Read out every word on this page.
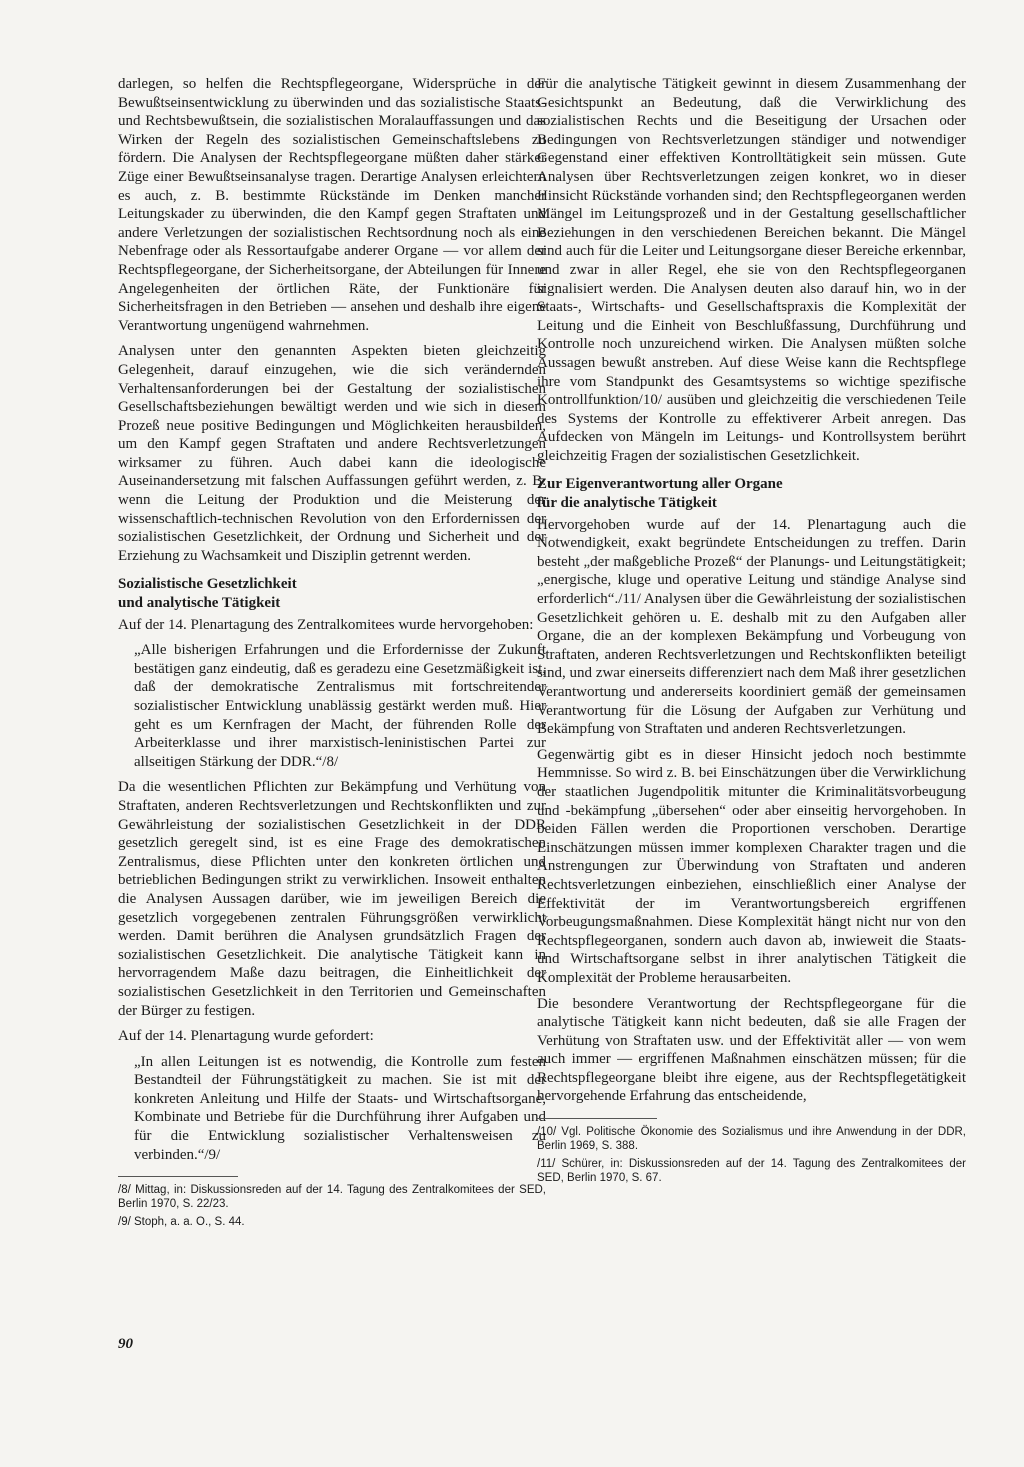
darlegen, so helfen die Rechtspflegeorgane, Widersprüche in der Bewußtseinsentwicklung zu überwinden und das sozialistische Staats- und Rechtsbewußtsein, die sozialistischen Moralauffassungen und das Wirken der Regeln des sozialistischen Gemeinschaftslebens zu fördern. Die Analysen der Rechtspflegeorgane müßten daher stärker Züge einer Bewußtseinsanalyse tragen. Derartige Analysen erleichtern es auch, z. B. bestimmte Rückstände im Denken mancher Leitungskader zu überwinden, die den Kampf gegen Straftaten und andere Verletzungen der sozialistischen Rechtsordnung noch als eine Nebenfrage oder als Ressortaufgabe anderer Organe — vor allem der Rechtspflegeorgane, der Sicherheitsorgane, der Abteilungen für Innere Angelegenheiten der örtlichen Räte, der Funktionäre für Sicherheitsfragen in den Betrieben — ansehen und deshalb ihre eigene Verantwortung ungenügend wahrnehmen.

Analysen unter den genannten Aspekten bieten gleichzeitig Gelegenheit, darauf einzugehen, wie die sich verändernden Verhaltensanforderungen bei der Gestaltung der sozialistischen Gesellschaftsbeziehungen bewältigt werden und wie sich in diesem Prozeß neue positive Bedingungen und Möglichkeiten herausbilden, um den Kampf gegen Straftaten und andere Rechtsverletzungen wirksamer zu führen. Auch dabei kann die ideologische Auseinandersetzung mit falschen Auffassungen geführt werden, z. B. wenn die Leitung der Produktion und die Meisterung der wissenschaftlich-technischen Revolution von den Erfordernissen der sozialistischen Gesetzlichkeit, der Ordnung und Sicherheit und der Erziehung zu Wachsamkeit und Disziplin getrennt werden.

Sozialistische Gesetzlichkeit
und analytische Tätigkeit

Auf der 14. Plenartagung des Zentralkomitees wurde hervorgehoben:

„Alle bisherigen Erfahrungen und die Erfordernisse der Zukunft bestätigen ganz eindeutig, daß es geradezu eine Gesetzmäßigkeit ist, daß der demokratische Zentralismus mit fortschreitender sozialistischer Entwicklung unablässig gestärkt werden muß. Hier geht es um Kernfragen der Macht, der führenden Rolle der Arbeiterklasse und ihrer marxistisch-leninistischen Partei zur allseitigen Stärkung der DDR.“/8/

Da die wesentlichen Pflichten zur Bekämpfung und Verhütung von Straftaten, anderen Rechtsverletzungen und Rechtskonflikten und zur Gewährleistung der sozialistischen Gesetzlichkeit in der DDR gesetzlich geregelt sind, ist es eine Frage des demokratischen Zentralismus, diese Pflichten unter den konkreten örtlichen und betrieblichen Bedingungen strikt zu verwirklichen. Insoweit enthalten die Analysen Aussagen darüber, wie im jeweiligen Bereich die gesetzlich vorgegebenen zentralen Führungsgrößen verwirklicht werden. Damit berühren die Analysen grundsätzlich Fragen der sozialistischen Gesetzlichkeit. Die analytische Tätigkeit kann in hervorragendem Maße dazu beitragen, die Einheitlichkeit der sozialistischen Gesetzlichkeit in den Territorien und Gemeinschaften der Bürger zu festigen.

Auf der 14. Plenartagung wurde gefordert:

„In allen Leitungen ist es notwendig, die Kontrolle zum festen Bestandteil der Führungstätigkeit zu machen. Sie ist mit der konkreten Anleitung und Hilfe der Staats- und Wirtschaftsorgane, Kombinate und Betriebe für die Durchführung ihrer Aufgaben und für die Entwicklung sozialistischer Verhaltensweisen zu verbinden.“/9/

/8/ Mittag, in: Diskussionsreden auf der 14. Tagung des Zentralkomitees der SED, Berlin 1970, S. 22/23.

/9/ Stoph, a. a. O., S. 44.

Für die analytische Tätigkeit gewinnt in diesem Zusammenhang der Gesichtspunkt an Bedeutung, daß die Verwirklichung des sozialistischen Rechts und die Beseitigung der Ursachen oder Bedingungen von Rechtsverletzungen ständiger und notwendiger Gegenstand einer effektiven Kontrolltätigkeit sein müssen. Gute Analysen über Rechtsverletzungen zeigen konkret, wo in dieser Hinsicht Rückstände vorhanden sind; den Rechtspflegeorganen werden Mängel im Leitungsprozeß und in der Gestaltung gesellschaftlicher Beziehungen in den verschiedenen Bereichen bekannt. Die Mängel sind auch für die Leiter und Leitungsorgane dieser Bereiche erkennbar, und zwar in aller Regel, ehe sie von den Rechtspflegeorganen signalisiert werden. Die Analysen deuten also darauf hin, wo in der Staats-, Wirtschafts- und Gesellschaftspraxis die Komplexität der Leitung und die Einheit von Beschlußfassung, Durchführung und Kontrolle noch unzureichend wirken. Die Analysen müßten solche Aussagen bewußt anstreben. Auf diese Weise kann die Rechtspflege ihre vom Standpunkt des Gesamtsystems so wichtige spezifische Kontrollfunktion/10/ ausüben und gleichzeitig die verschiedenen Teile des Systems der Kontrolle zu effektiverer Arbeit anregen. Das Aufdecken von Mängeln im Leitungs- und Kontrollsystem berührt gleichzeitig Fragen der sozialistischen Gesetzlichkeit.

Zur Eigenverantwortung aller Organe
für die analytische Tätigkeit

Hervorgehoben wurde auf der 14. Plenartagung auch die Notwendigkeit, exakt begründete Entscheidungen zu treffen. Darin besteht „der maßgebliche Prozeß“ der Planungs- und Leitungstätigkeit; „energische, kluge und operative Leitung und ständige Analyse sind erforderlich“./11/ Analysen über die Gewährleistung der sozialistischen Gesetzlichkeit gehören u. E. deshalb mit zu den Aufgaben aller Organe, die an der komplexen Bekämpfung und Vorbeugung von Straftaten, anderen Rechtsverletzungen und Rechtskonflikten beteiligt sind, und zwar einerseits differenziert nach dem Maß ihrer gesetzlichen Verantwortung und andererseits koordiniert gemäß der gemeinsamen Verantwortung für die Lösung der Aufgaben zur Verhütung und Bekämpfung von Straftaten und anderen Rechtsverletzungen.

Gegenwärtig gibt es in dieser Hinsicht jedoch noch bestimmte Hemmnisse. So wird z. B. bei Einschätzungen über die Verwirklichung der staatlichen Jugendpolitik mitunter die Kriminalitätsvorbeugung und -bekämpfung „übersehen“ oder aber einseitig hervorgehoben. In beiden Fällen werden die Proportionen verschoben. Derartige Einschätzungen müssen immer komplexen Charakter tragen und die Anstrengungen zur Überwindung von Straftaten und anderen Rechtsverletzungen einbeziehen, einschließlich einer Analyse der Effektivität der im Verantwortungsbereich ergriffenen Vorbeugungsmaßnahmen. Diese Komplexität hängt nicht nur von den Rechtspflegeorganen, sondern auch davon ab, inwieweit die Staats- und Wirtschaftsorgane selbst in ihrer analytischen Tätigkeit die Komplexität der Probleme herausarbeiten.

Die besondere Verantwortung der Rechtspflegeorgane für die analytische Tätigkeit kann nicht bedeuten, daß sie alle Fragen der Verhütung von Straftaten usw. und der Effektivität aller — von wem auch immer — ergriffenen Maßnahmen einschätzen müssen; für die Rechtspflegeorgane bleibt ihre eigene, aus der Rechtspflegetätigkeit hervorgehende Erfahrung das entscheidende,

/10/ Vgl. Politische Ökonomie des Sozialismus und ihre Anwendung in der DDR, Berlin 1969, S. 388.

/11/ Schürer, in: Diskussionsreden auf der 14. Tagung des Zentralkomitees der SED, Berlin 1970, S. 67.

90
